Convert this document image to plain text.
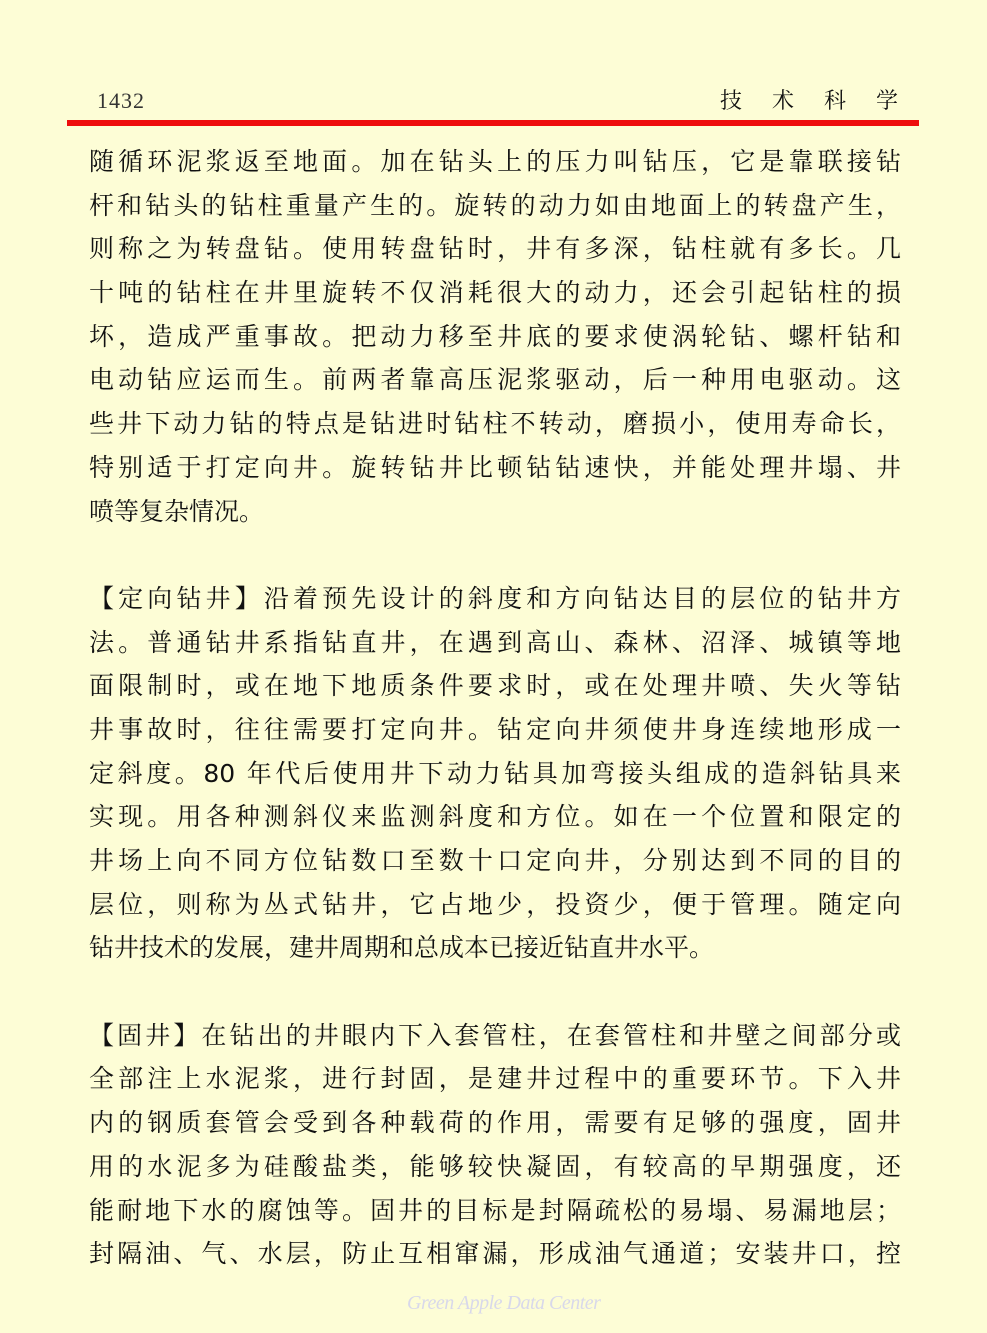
1432	技 术 科 学
随循环泥浆返至地面。加在钻头上的压力叫钻压，它是靠联接钻
杆和钻头的钻柱重量产生的。旋转的动力如由地面上的转盘产生，
则称之为转盘钻。使用转盘钻时，井有多深，钻柱就有多长。几
十吨的钻柱在井里旋转不仅消耗很大的动力，还会引起钻柱的损
坏，造成严重事故。把动力移至井底的要求使涡轮钻、螺杆钻和
电动钻应运而生。前两者靠高压泥浆驱动，后一种用电驱动。这
些井下动力钻的特点是钻进时钻柱不转动，磨损小，使用寿命长，
特别适于打定向井。旋转钻井比顿钻钻速快，并能处理井塌、井
喷等复杂情况。
【定向钻井】沿着预先设计的斜度和方向钻达目的层位的钻井方
法。普通钻井系指钻直井，在遇到高山、森林、沼泽、城镇等地
面限制时，或在地下地质条件要求时，或在处理井喷、失火等钻
井事故时，往往需要打定向井。钻定向井须使井身连续地形成一
定斜度。80 年代后使用井下动力钻具加弯接头组成的造斜钻具来
实现。用各种测斜仪来监测斜度和方位。如在一个位置和限定的
井场上向不同方位钻数口至数十口定向井，分别达到不同的目的
层位，则称为丛式钻井，它占地少，投资少，便于管理。随定向
钻井技术的发展，建井周期和总成本已接近钻直井水平。
【固井】在钻出的井眼内下入套管柱，在套管柱和井壁之间部分或
全部注上水泥浆，进行封固，是建井过程中的重要环节。下入井
内的钢质套管会受到各种载荷的作用，需要有足够的强度，固井
用的水泥多为硅酸盐类，能够较快凝固，有较高的早期强度，还
能耐地下水的腐蚀等。固井的目标是封隔疏松的易塌、易漏地层；
封隔油、气、水层，防止互相窜漏，形成油气通道；安装井口，控
Green Apple Data Center
